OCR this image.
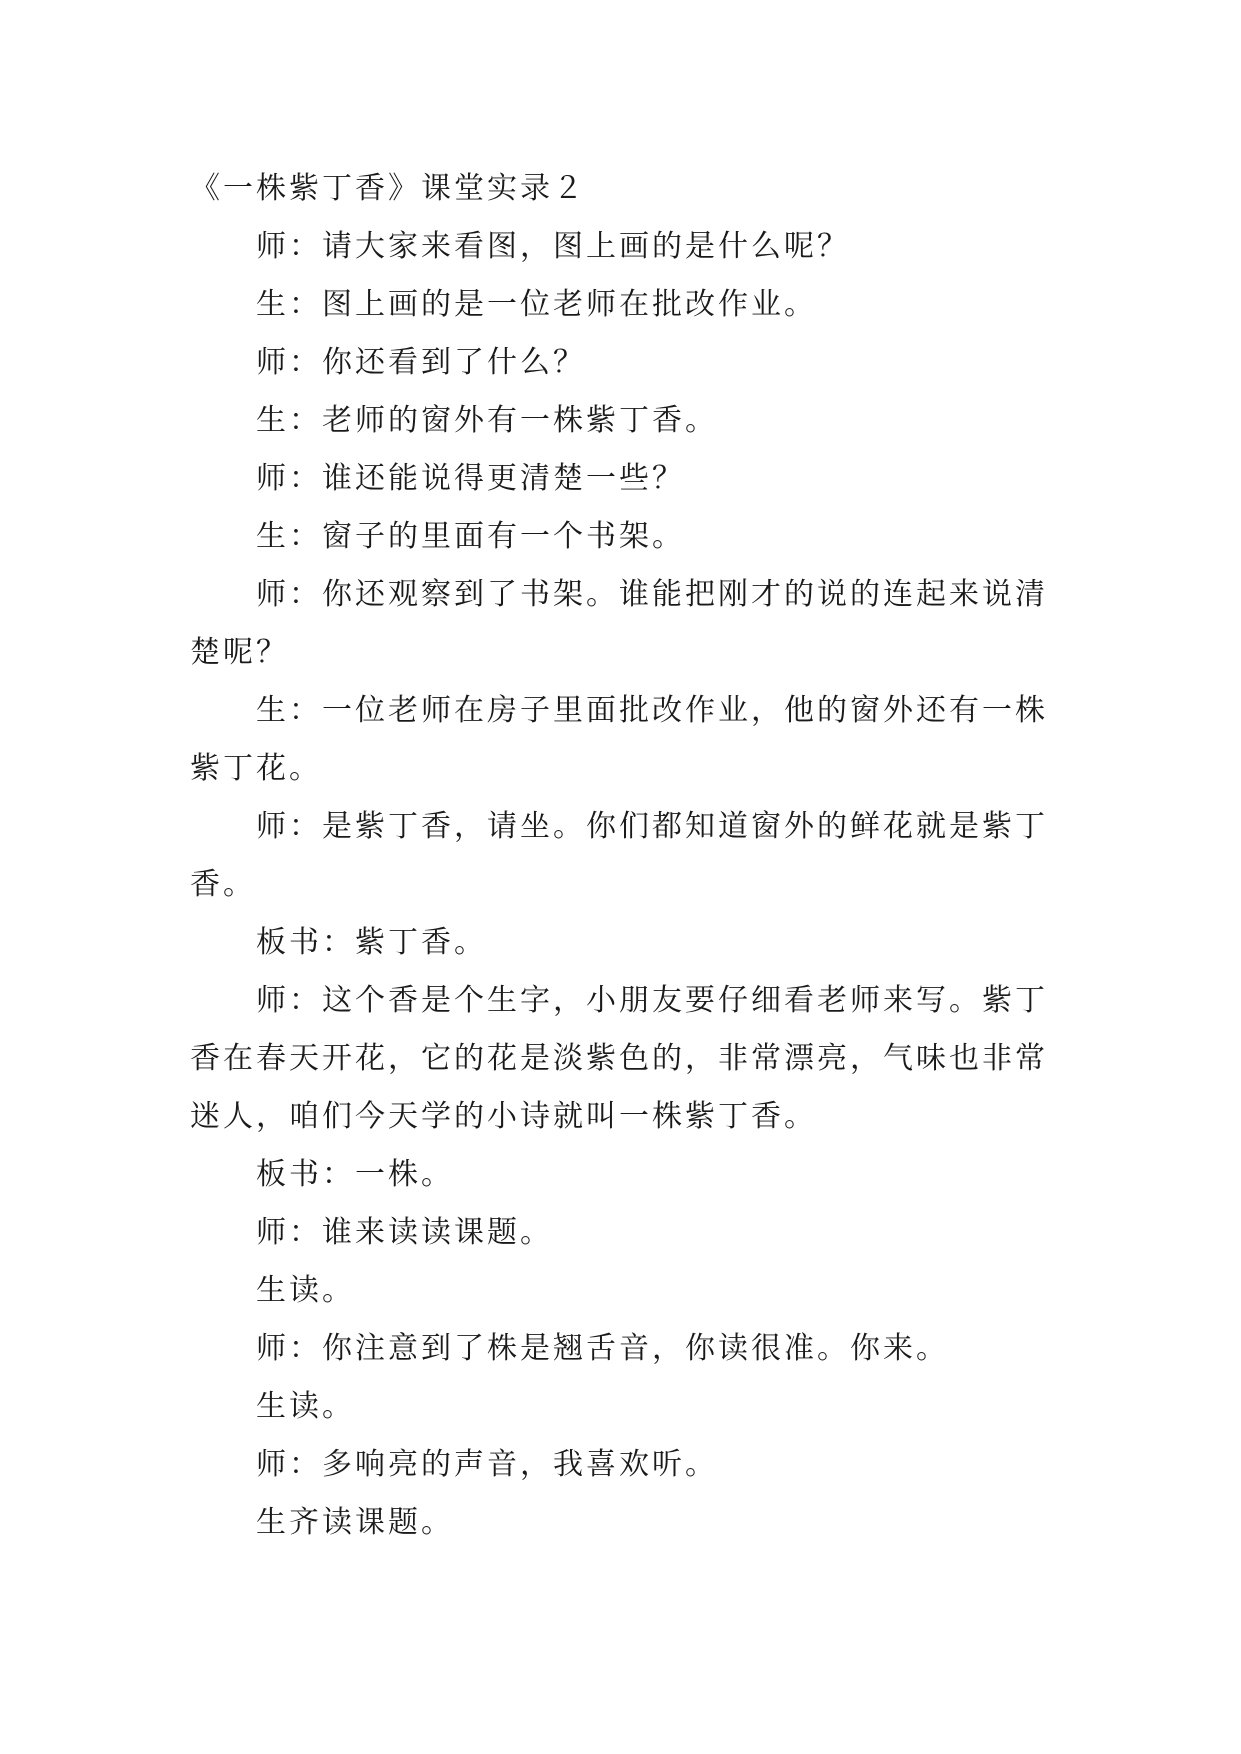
《一株紫丁香》课堂实录２

师：请大家来看图，图上画的是什么呢？

生：图上画的是一位老师在批改作业。

师：你还看到了什么？

生：老师的窗外有一株紫丁香。

师：谁还能说得更清楚一些？

生：窗子的里面有一个书架。

师：你还观察到了书架。谁能把刚才的说的连起来说清楚呢？

生：一位老师在房子里面批改作业，他的窗外还有一株紫丁花。

师：是紫丁香，请坐。你们都知道窗外的鲜花就是紫丁香。

板书：紫丁香。

师：这个香是个生字，小朋友要仔细看老师来写。紫丁香在春天开花，它的花是淡紫色的，非常漂亮，气味也非常迷人，咱们今天学的小诗就叫一株紫丁香。

板书：一株。

师：谁来读读课题。

生读。

师：你注意到了株是翘舌音，你读很准。你来。

生读。

师：多响亮的声音，我喜欢听。

生齐读课题。
